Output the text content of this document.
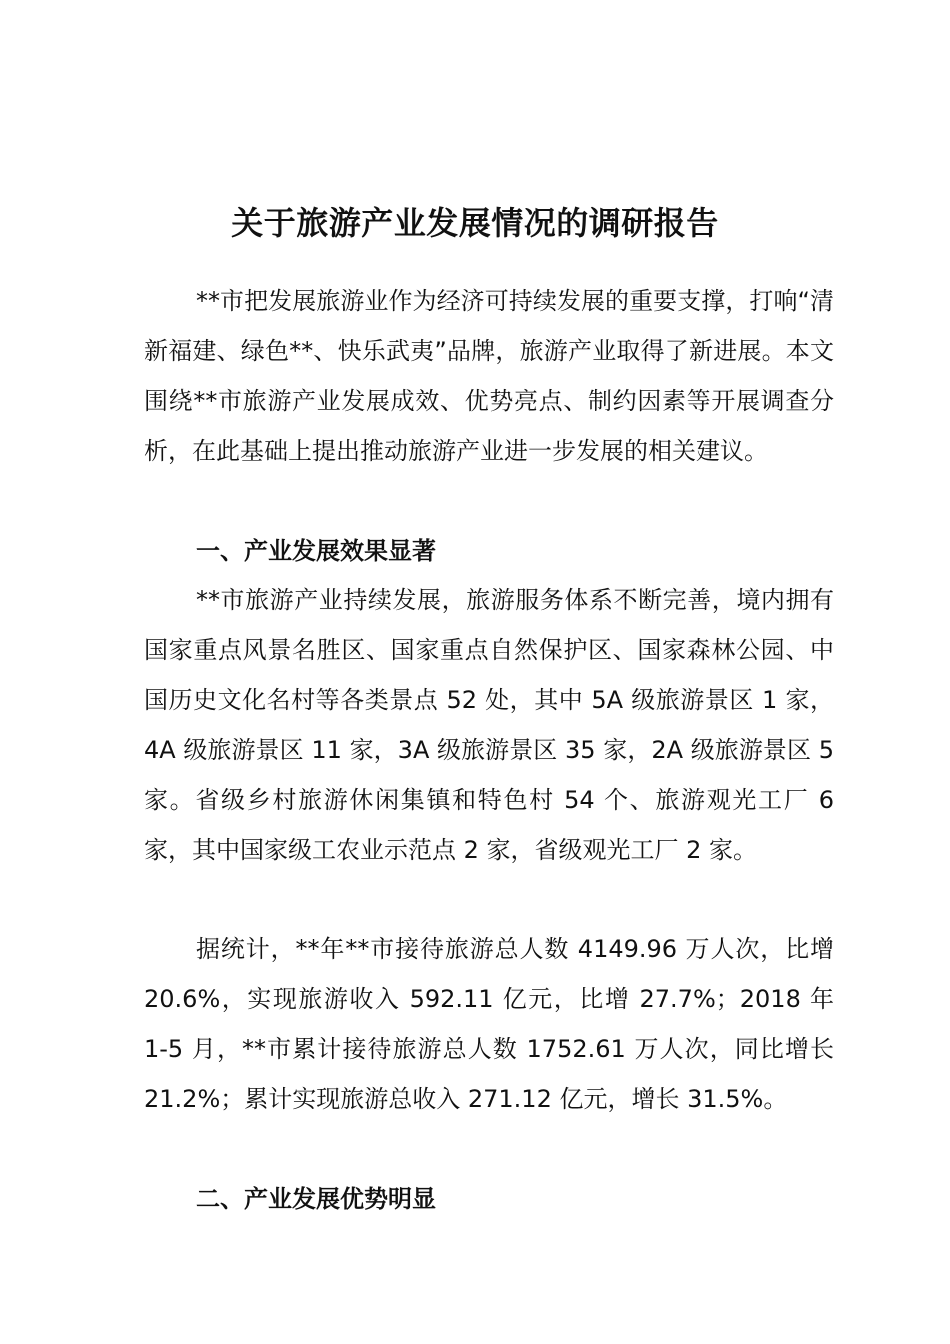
关于旅游产业发展情况的调研报告

**市把发展旅游业作为经济可持续发展的重要支撑，打响“清新福建、绿色**、快乐武夷”品牌，旅游产业取得了新进展。本文围绕**市旅游产业发展成效、优势亮点、制约因素等开展调查分析，在此基础上提出推动旅游产业进一步发展的相关建议。

一、产业发展效果显著

**市旅游产业持续发展，旅游服务体系不断完善，境内拥有国家重点风景名胜区、国家重点自然保护区、国家森林公园、中国历史文化名村等各类景点 52 处，其中 5A 级旅游景区 1 家，4A 级旅游景区 11 家，3A 级旅游景区 35 家，2A 级旅游景区 5 家。省级乡村旅游休闲集镇和特色村 54 个、旅游观光工厂 6 家，其中国家级工农业示范点 2 家，省级观光工厂 2 家。

据统计，**年**市接待旅游总人数 4149.96 万人次，比增 20.6%，实现旅游收入 592.11 亿元，比增 27.7%；2018 年 1-5 月，**市累计接待旅游总人数 1752.61 万人次，同比增长 21.2%；累计实现旅游总收入 271.12 亿元，增长 31.5%。

二、产业发展优势明显
